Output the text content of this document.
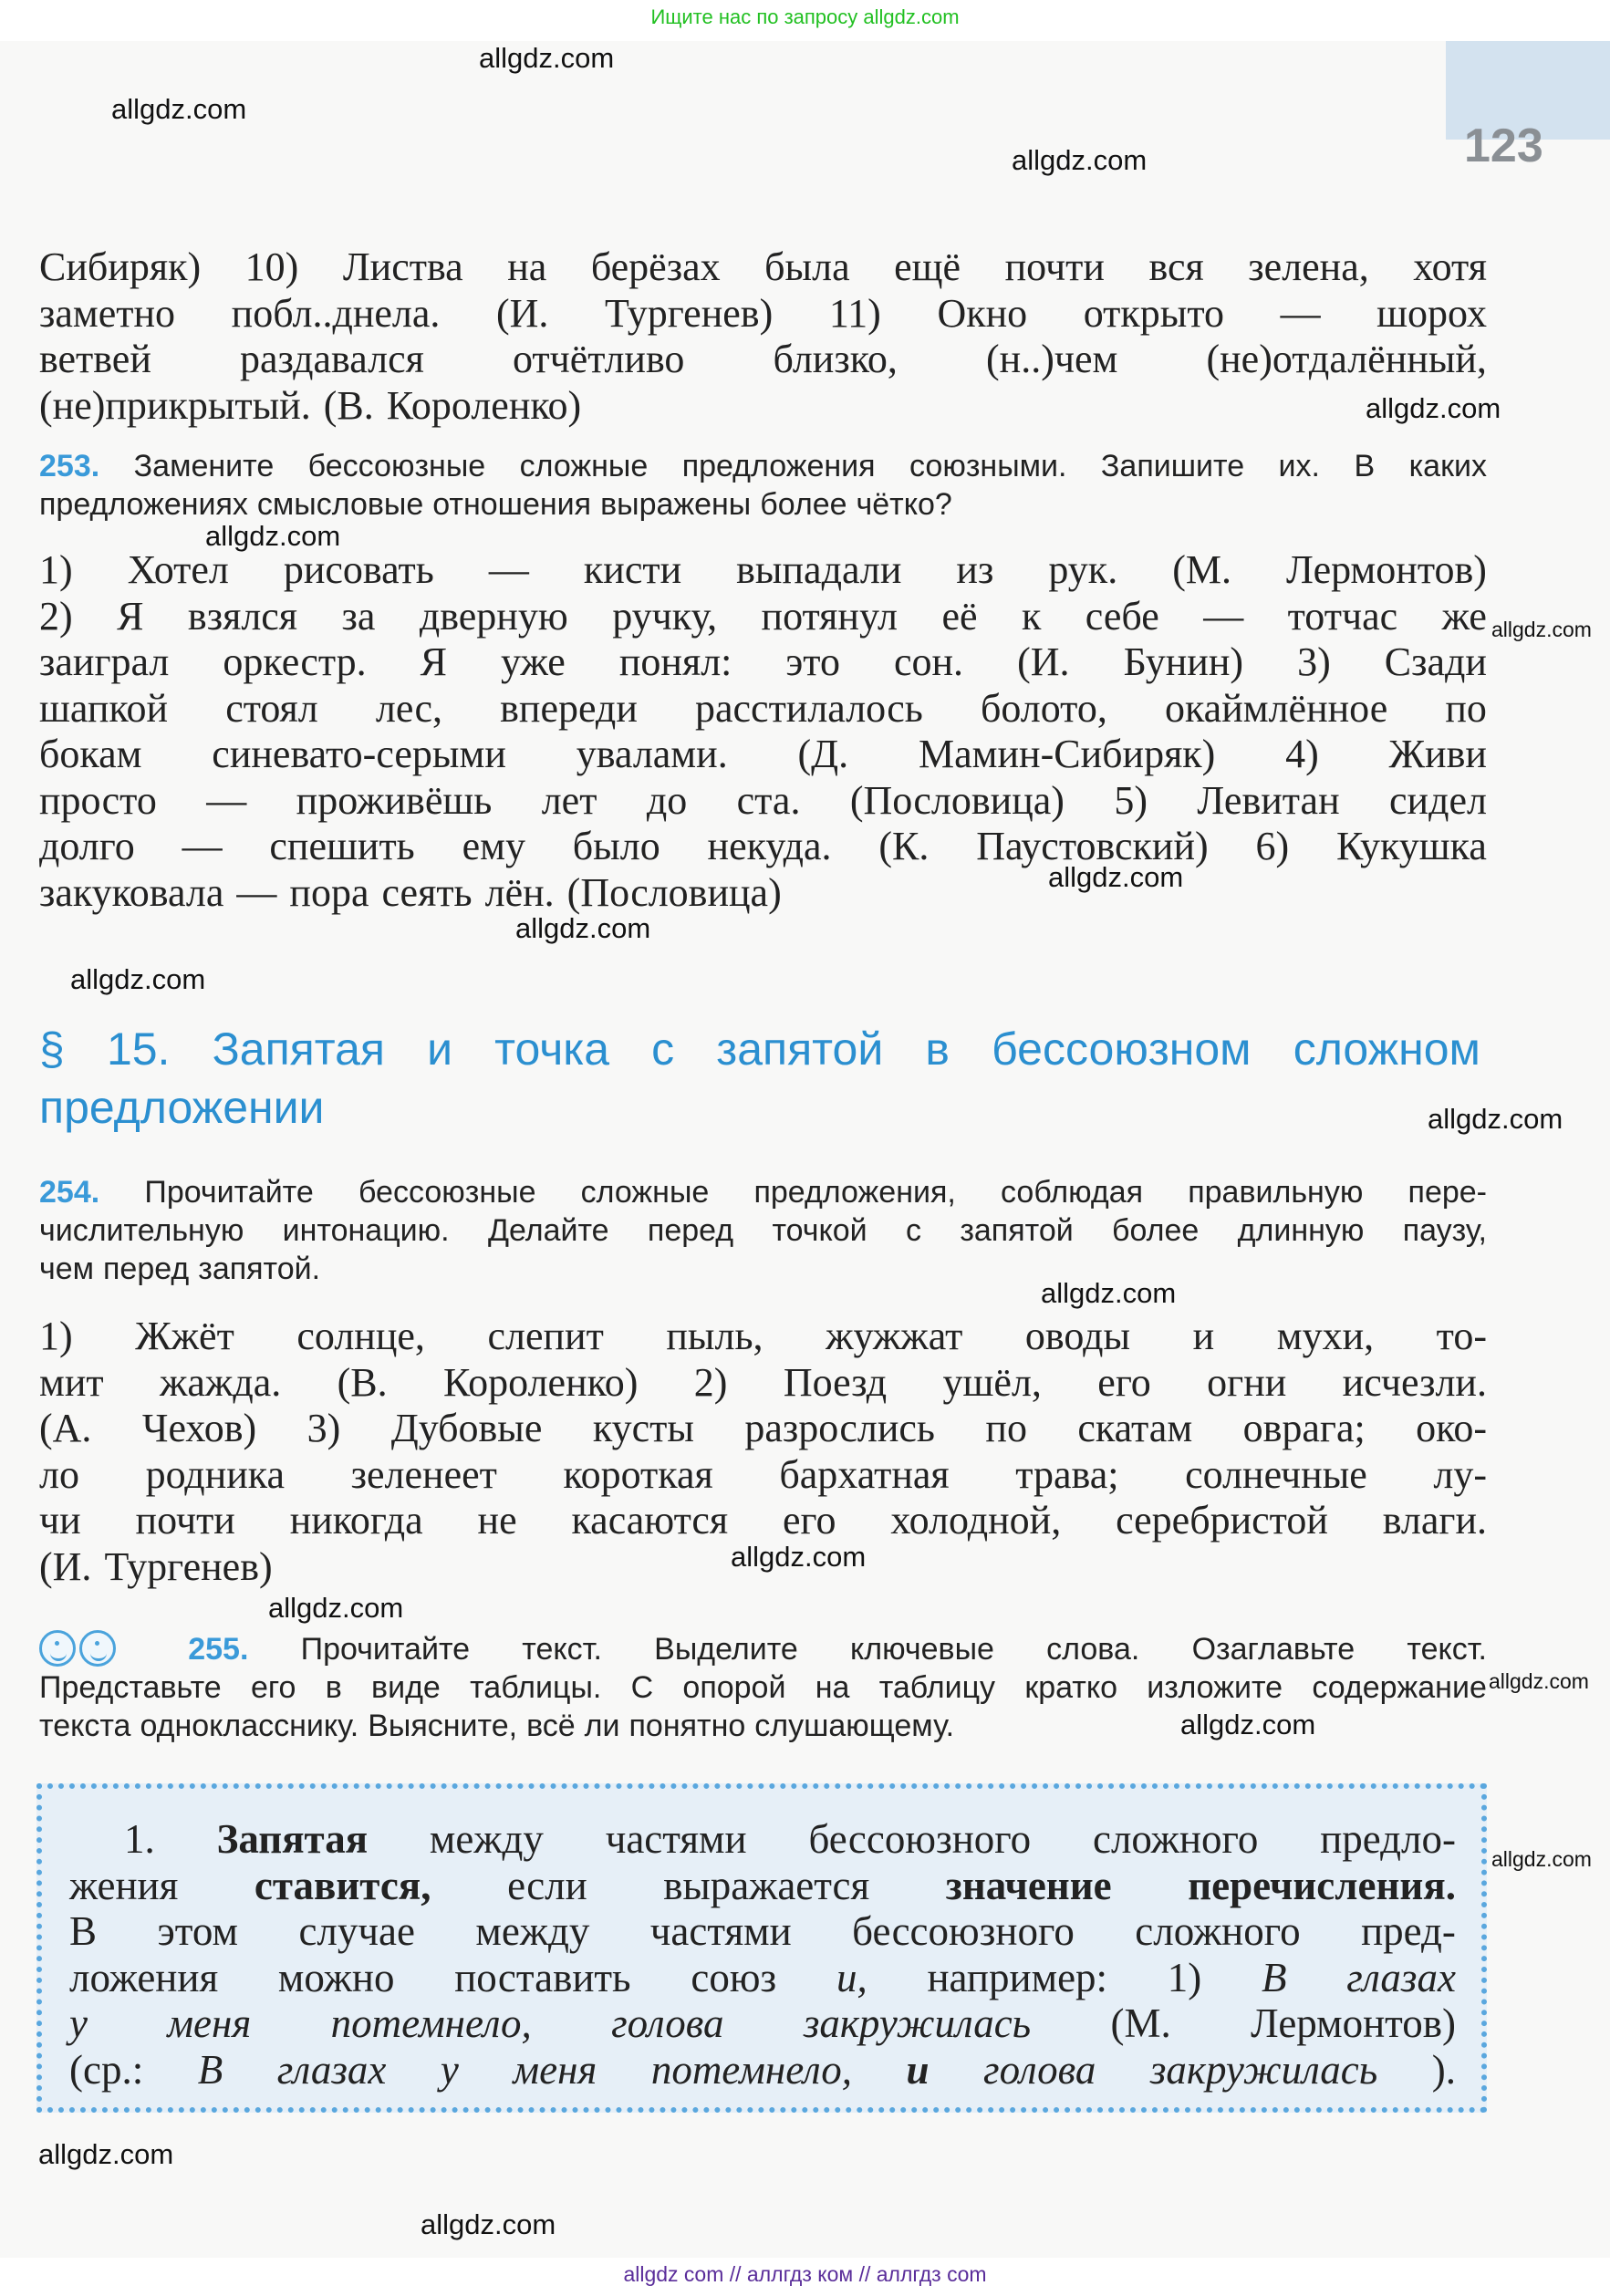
Ищите нас по запросу allgdz.com
123
Сибиряк) 10) Листва на берёзах была ещё почти вся зелена, хотя
заметно побл..днела. (И. Тургенев) 11) Окно открыто — шорох
ветвей раздавался отчётливо близко, (н..)чем (не)отдалённый,
(не)прикрытый. (В. Короленко)
253. Замените бессоюзные сложные предложения союзными. Запишите их. В каких
предложениях смысловые отношения выражены более чётко?
1) Хотел рисовать — кисти выпадали из рук. (М. Лермонтов)
2) Я взялся за дверную ручку, потянул её к себе — тотчас же
заиграл оркестр. Я уже понял: это сон. (И. Бунин) 3) Сзади
шапкой стоял лес, впереди расстилалось болото, окаймлённое по
бокам синевато-серыми увалами. (Д. Мамин-Сибиряк) 4) Живи
просто — проживёшь лет до ста. (Пословица) 5) Левитан сидел
долго — спешить ему было некуда. (К. Паустовский) 6) Кукушка
закуковала — пора сеять лён. (Пословица)
§ 15. Запятая и точка с запятой в бессоюзном сложном
предложении
254. Прочитайте бессоюзные сложные предложения, соблюдая правильную пере-
числительную интонацию. Делайте перед точкой с запятой более длинную паузу,
чем перед запятой.
1) Жжёт солнце, слепит пыль, жужжат оводы и мухи, то-
мит жажда. (В. Короленко) 2) Поезд ушёл, его огни исчезли.
(А. Чехов) 3) Дубовые кусты разрослись по скатам оврага; око-
ло родника зеленеет короткая бархатная трава; солнечные лу-
чи почти никогда не касаются его холодной, серебристой влаги.
(И. Тургенев)
255. Прочитайте текст. Выделите ключевые слова. Озаглавьте текст.
Представьте его в виде таблицы. С опорой на таблицу кратко изложите содержание
текста однокласснику. Выясните, всё ли понятно слушающему.
1. Запятая между частями бессоюзного сложного предло-
жения ставится, если выражается значение перечисления.
В этом случае между частями бессоюзного сложного пред-
ложения можно поставить союз и, например: 1) В глазах
у меня потемнело, голова закружилась (М. Лермонтов)
(ср.: В глазах у меня потемнело, и голова закружилась ).
allgdz.com
allgdz.com
allgdz.com
allgdz.com
allgdz.com
allgdz.com
allgdz.com
allgdz.com
allgdz.com
allgdz.com
allgdz.com
allgdz.com
allgdz.com
allgdz.com
allgdz.com
allgdz.com
allgdz.com
allgdz.com
allgdz com // аллгдз ком // аллгдз com
